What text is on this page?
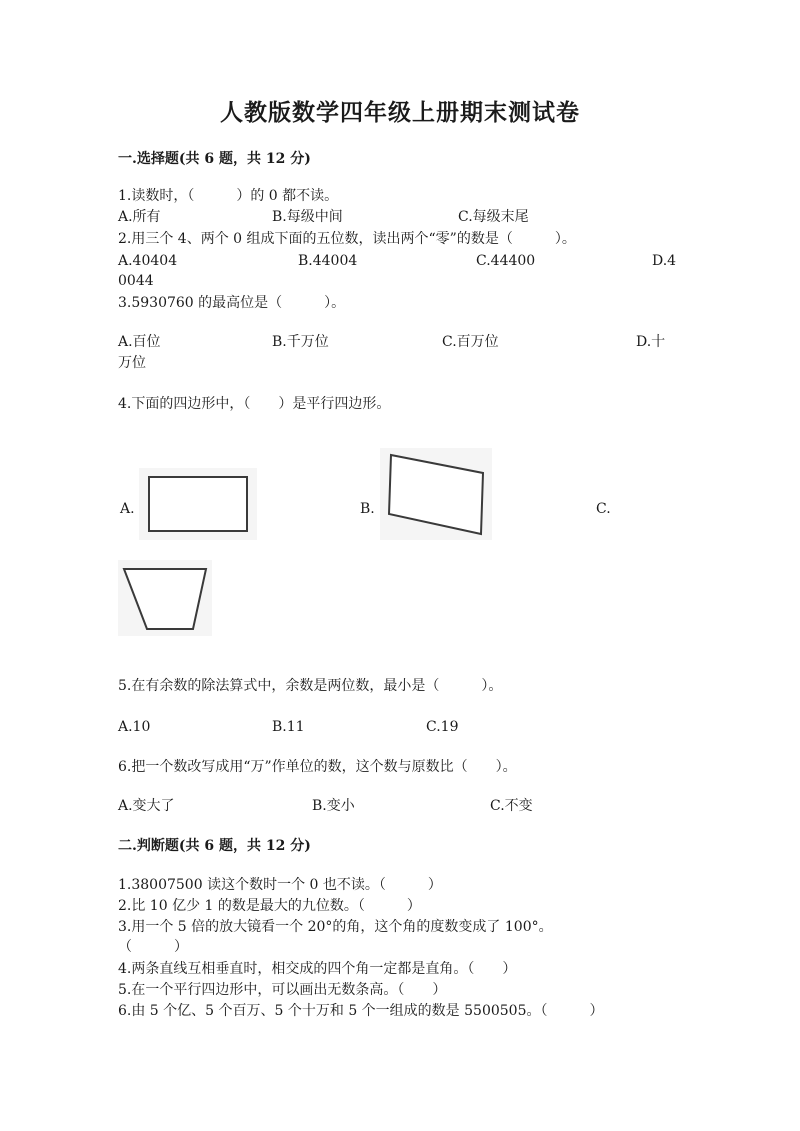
人教版数学四年级上册期末测试卷
一.选择题(共 6 题，共 12 分)
1.读数时，（　　　）的 0 都不读。
A.所有	B.每级中间	C.每级末尾
2.用三个 4、两个 0 组成下面的五位数，读出两个“零”的数是（　　　）。
A.40404	B.44004	C.44400	D.4
0044
3.5930760 的最高位是（　　　）。
A.百位	B.千万位	C.百万位	D.十
万位
4.下面的四边形中，（　　）是平行四边形。
A.	B.	C.
5.在有余数的除法算式中，余数是两位数，最小是（　　　）。
A.10	B.11	C.19
6.把一个数改写成用“万”作单位的数，这个数与原数比（　　）。
A.变大了	B.变小	C.不变
二.判断题(共 6 题，共 12 分)
1.38007500 读这个数时一个 0 也不读。（　　　）
2.比 10 亿少 1 的数是最大的九位数。（　　　）
3.用一个 5 倍的放大镜看一个 20°的角，这个角的度数变成了 100°。
（　　　）
4.两条直线互相垂直时，相交成的四个角一定都是直角。（　　）
5.在一个平行四边形中，可以画出无数条高。（　　）
6.由 5 个亿、5 个百万、5 个十万和 5 个一组成的数是 5500505。（　　　）
